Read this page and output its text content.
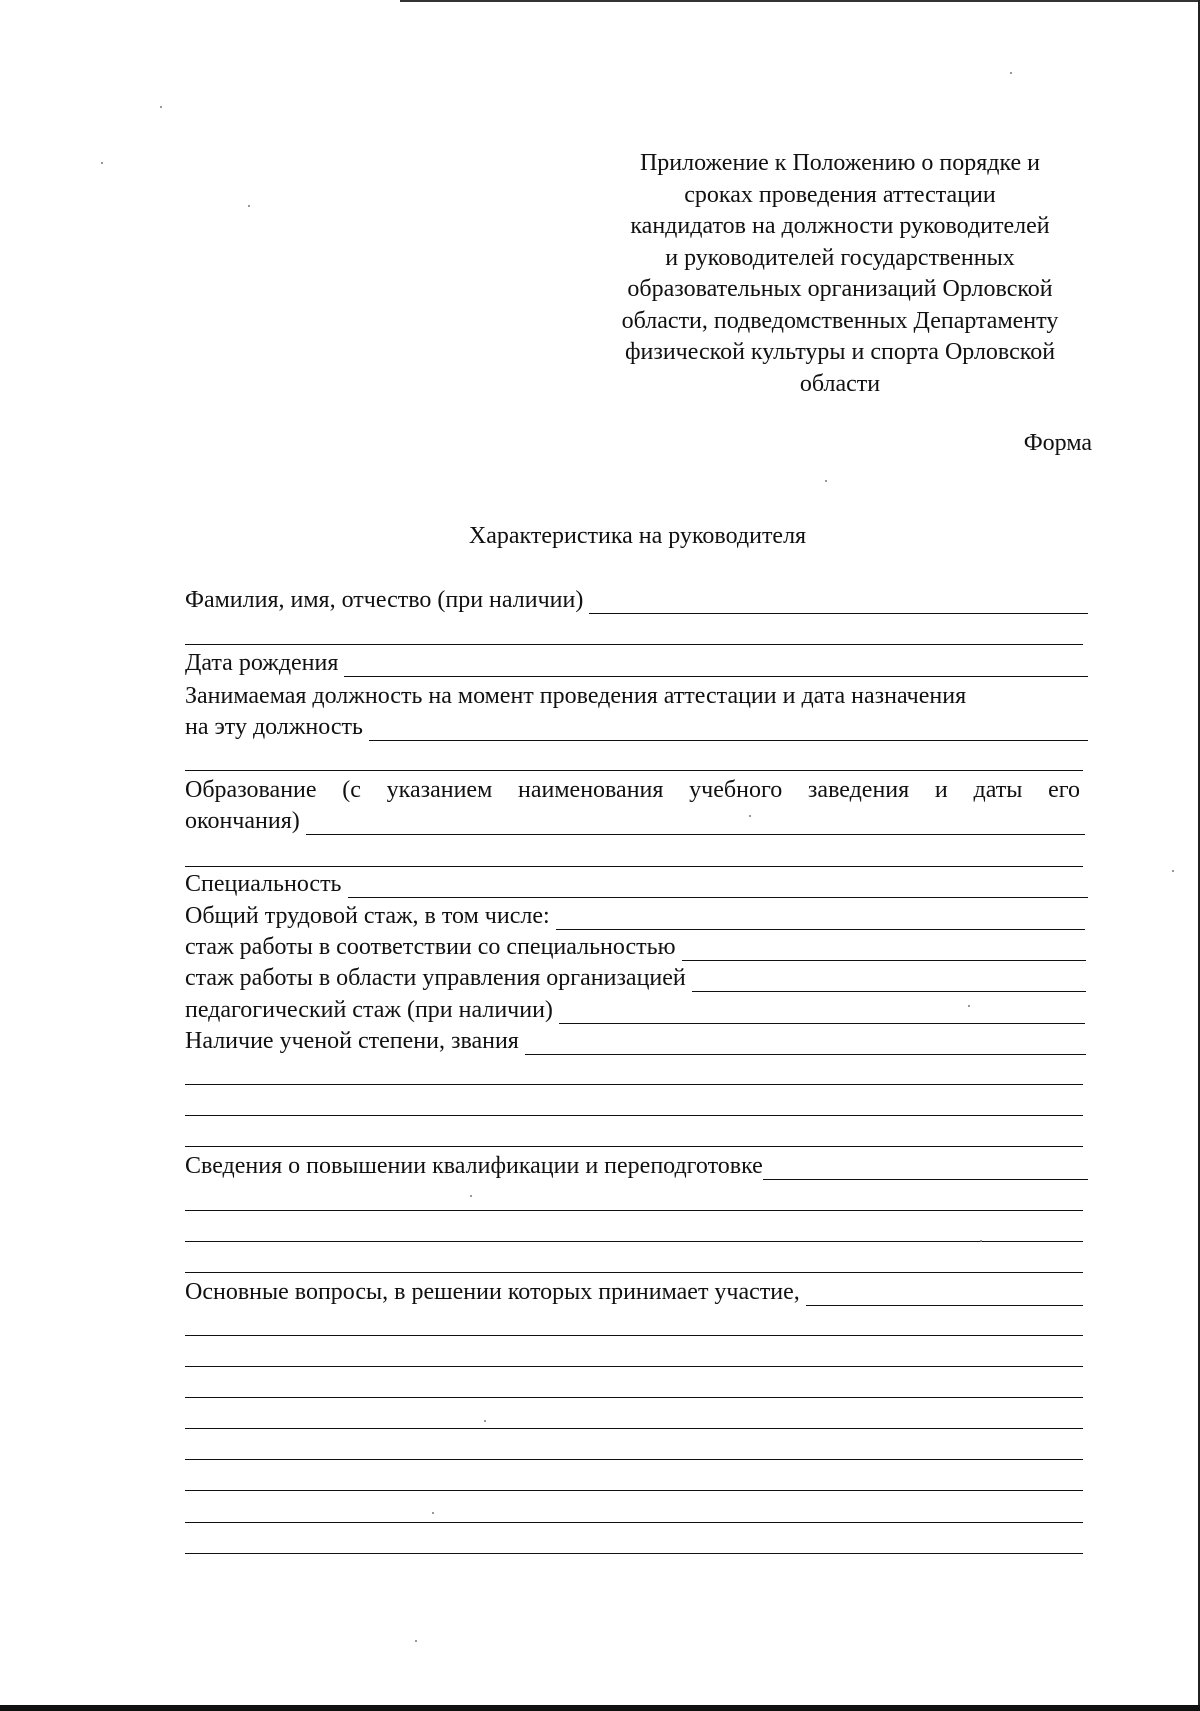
Приложение к Положению о порядке и
сроках проведения аттестации
кандидатов на должности руководителей
и руководителей государственных
образовательных организаций Орловской
области, подведомственных Департаменту
физической культуры и спорта Орловской
области
Форма
Характеристика на руководителя
Фамилия, имя, отчество (при наличии)
Дата рождения
Занимаемая должность на момент проведения аттестации и дата назначения
на эту должность
Образование (с указанием наименования учебного заведения и даты его
окончания)
Специальность
Общий трудовой стаж, в том числе:
стаж работы в соответствии со специальностью
стаж работы в области управления организацией
педагогический стаж (при наличии)
Наличие ученой степени, звания
Сведения о повышении квалификации и переподготовке
Основные вопросы, в решении которых принимает участие,
